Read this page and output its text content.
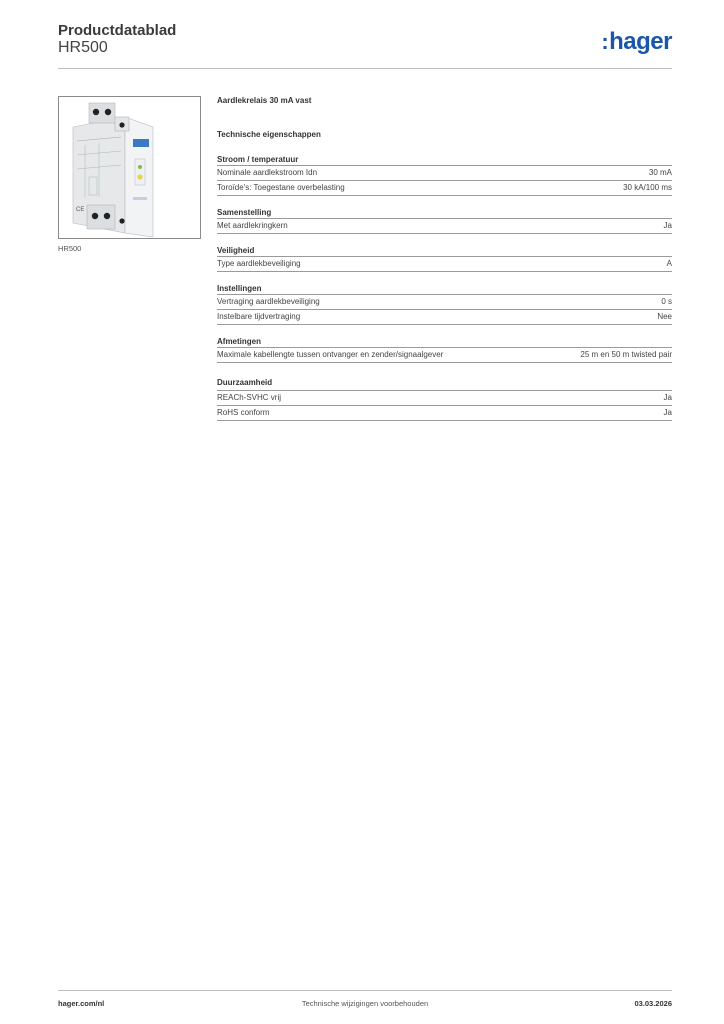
Productdatablad
HR500	:hager
CE
HR500
Aardlekrelais 30 mA vast
Technische eigenschappen
Stroom / temperatuur
Nominale aardlekstroom Idn	30 mA
Toroïde's: Toegestane overbelasting	30 kA/100 ms
Samenstelling
Met aardlekringkern	Ja
Veiligheid
Type aardlekbeveiliging	A
Instellingen
Vertraging aardlekbeveiliging	0 s
Instelbare tijdvertraging	Nee
Afmetingen
Maximale kabellengte tussen ontvanger en zender/signaalgever	25 m en 50 m twisted pair
Duurzaamheid
REACh-SVHC vrij	Ja
RoHS conform	Ja
hager.com/nl	Technische wijzigingen voorbehouden	03.03.2026
